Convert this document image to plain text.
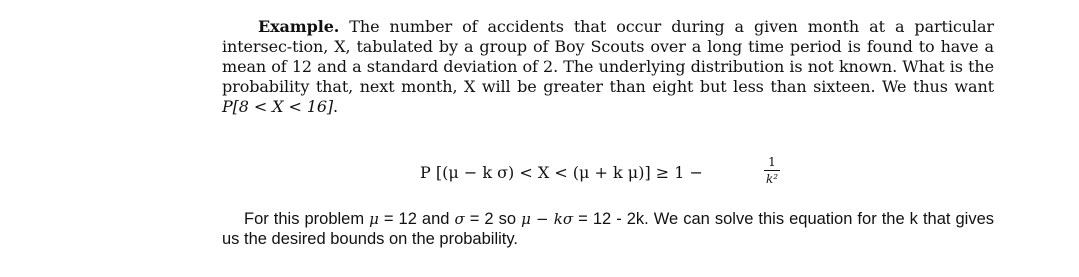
Example. The number of accidents that occur during a given month at a particular intersec-tion, X, tabulated by a group of Boy Scouts over a long time period is found to have a mean of 12 and a standard deviation of 2. The underlying distribution is not known. What is the probability that, next month, X will be greater than eight but less than sixteen. We thus want P[8 < X < 16].
P [(μ − k σ) < X < (μ + k μ)] ≥ 1 −
1
k²
For this problem μ = 12 and σ = 2 so μ − kσ = 12 - 2k. We can solve this equation for the k that gives us the desired bounds on the probability.
